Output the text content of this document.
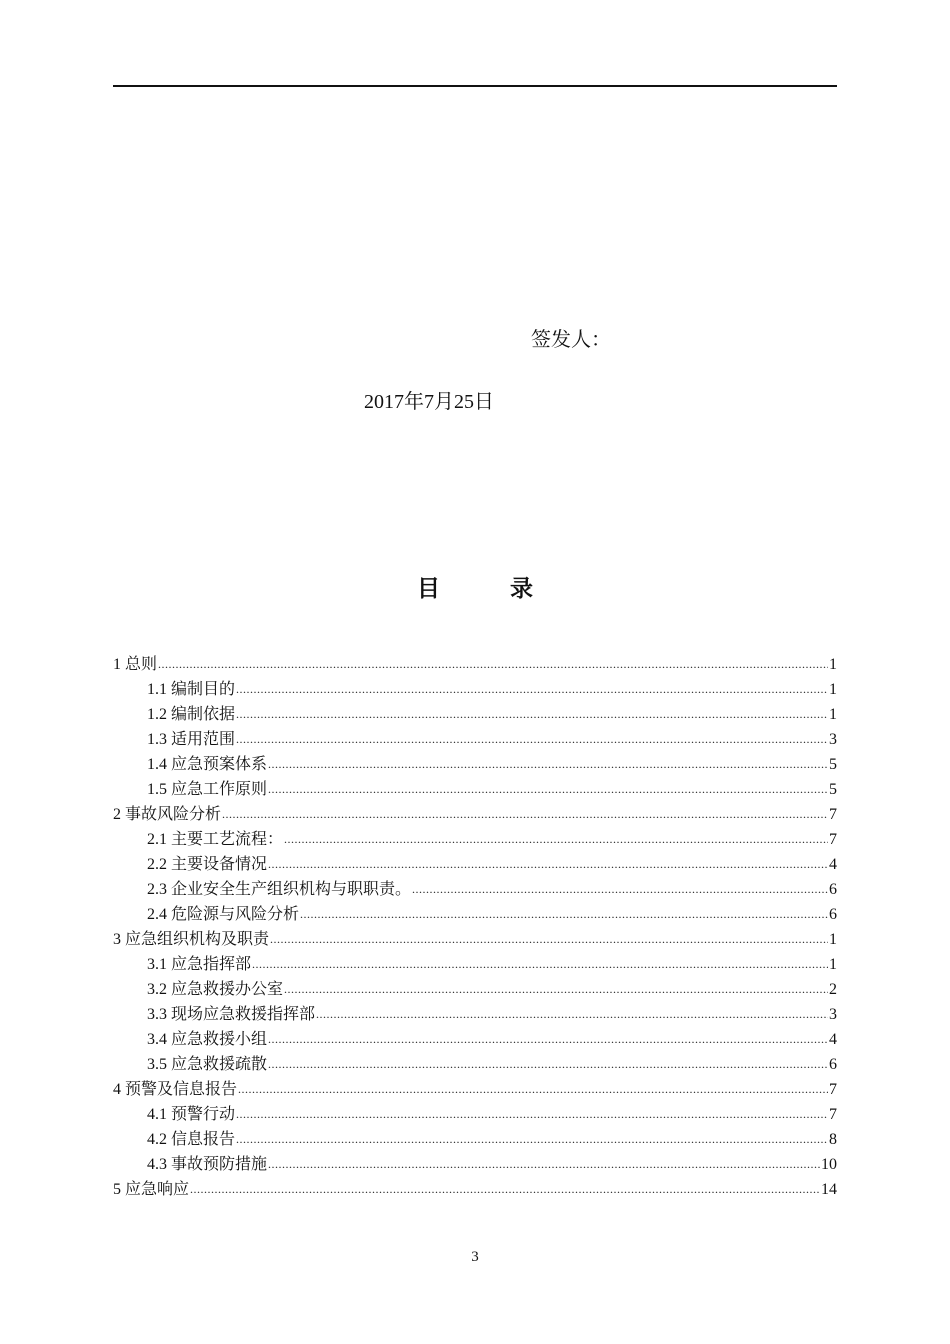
签发人：
2017年7月25日
目	录
1 总则 .....	1
1.1 编制目的 .....	1
1.2 编制依据 .....	1
1.3 适用范围 .....	3
1.4 应急预案体系 .....	5
1.5 应急工作原则 .....	5
2 事故风险分析 .....	7
2.1 主要工艺流程： .....	7
2.2 主要设备情况 .....	4
2.3 企业安全生产组织机构与职职责。 .....	6
2.4 危险源与风险分析 .....	6
3 应急组织机构及职责 .....	1
3.1 应急指挥部 .....	1
3.2 应急救援办公室 .....	2
3.3 现场应急救援指挥部 .....	3
3.4 应急救援小组 .....	4
3.5 应急救援疏散 .....	6
4 预警及信息报告 .....	7
4.1 预警行动 .....	7
4.2 信息报告 .....	8
4.3 事故预防措施 .....	10
5 应急响应 .....	14
3
